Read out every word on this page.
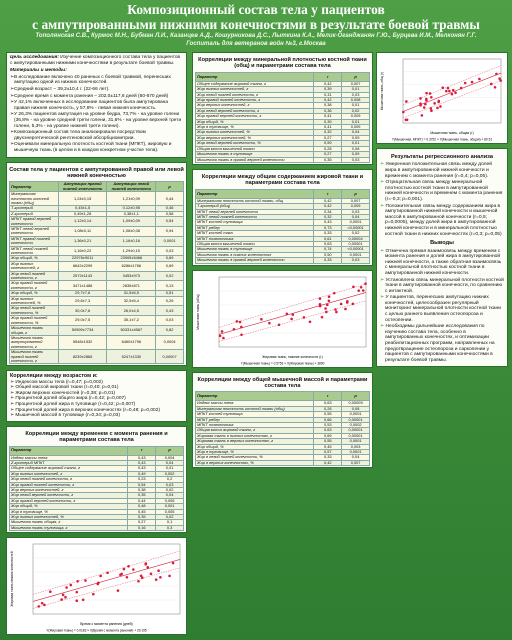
Композиционный состав тела у пациентов
с ампутированными нижними конечностями в результате боевой травмы
Тополянская С.В., Курмос М.Н., Бубман Л.И., Казанцев А.Д., Кошурникова Д.С., Лыткина К.А., Мелик-Оганджанян Г.Ю., Бурцева И.М., Мелконян Г.Г.
Госпиталь для ветеранов войн №3, г.Москва

Цель исследования: Изучение композиционного состава тела у пациентов с ампутированными нижними конечностями в результате боевой травмы.

Материалы и методы:

➢В исследование включено 40 раненых с боевой травмой, перенесших ампутацию одной из нижних конечностей.

➢Средний возраст – 39,2±10,4 г. (22-66 лет).

➢Среднее время с момента ранения – 202,0±117,6 дней (60-670 дней)

➢У 42,1% включенных в исследование пациентов была ампутирована правая нижняя конечность, у 57,8% - левая нижняя конечность.

➢У 26,3% пациентов ампутация на уровне бедра, 73,7% - на уровне голени (36,8% - на уровне средней трети голени, 31,6% - на уровне верхней трети голени, 5,3% - на уровне нижней трети голени).

➢Композиционный состав тела анализировали посредством двухэнергетической рентгеновской абсорбциометрии.

➢Оценивали минеральную плотность костной ткани (МПКТ), жировую и мышечную ткань (в целом и в каждом конкретном участке тела).

Состав тела у пациентов с ампутированной правой или левой нижней конечностью
Параметр	Ампутация правой нижней конечности	Ампутация левой нижней конечности	р
Минеральная плотность костной ткани (общ)	1,24±0,15	1,21±0,09	0,44
Т-критерий	0,45±1,5	0,12±0,95	0,46
Z-критерий	0,49±1,28	0,38±1,1	0,58
МПКТ правой верхней конечности	1,12±0,14	1,09±0,09	0,54
МПКТ левой верхней конечности	1,08±0,11	1,08±0,08	0,94
МПКТ правой нижней конечности	1,36±0,21	1,16±0,16	0,0001
МПКТ левой нижней конечности	1,16±0,22	1,29±0,15	0,03
Жир общий, %	22976±9011	23905±5466	0,69
Жир нижних конечностей, г	6642±2299	6286±1766	0,69
Жир левой нижней конечности, г	2572±1143	3453±973	0,02
Жир правой нижней конечности, г	3471±1488	2835±871	0,13
Жир общий, %	29,7±7,6	31,5±6,5	0,51
Жир нижних конечностей, %	29,6±7,3	32,5±5,4	0,26
Жир левой нижней конечности, %	30,0±7,6	26,0±4,5	0,43
Жир правой нижней конечности, %	29,0±7,5	35,1±7,2	0,03
Мышечная ткань общая, г	50909±7734	50331±4587	0,82
Мышечная ткань ампутированной конечности, г	5548±1532	6460±1796	0,0004
Мышечная ткань правой нижней конечности, г	8239±2865	5247±1330	0,00007
Корреляции между возрастом и:
➢ Индексом массы тела (r=0,47; p=0,002)
➢ Общей массой жировой ткани (r=0,40; p=0,01)
➢ Жиром верхних конечностей (r=0,38; p=0,01)
➢ Процентной долей общего жира (r=0,42; p=0,007)
➢ Процентной долей жира в туловище (r=0,42; p=0,007)
➢ Процентной долей жира в верхних конечностях (r=0,48; p=0,002)
➢ Мышечной массой в туловище (r=0,34; p=0,03)
Корреляции между временем с момента ранения и параметрами состава тела
Параметр	r	р
Индекс массы тела	0,43	0,004
Z-критерий МПКТ	0,43	0,04
Общее содержание жировой ткани, г	0,43	0,01
Жир нижних конечностей, г	0,49	0,002
Жир левой нижней конечности, г	0,23	0,2
Жир правой нижней конечности, г	0,54	0,03
Жир верхних конечностей, г	0,38	0,02
Жир левой верхней конечности, г	0,35	0,04
Жир правой верхней конечности, г	0,44	0,005
Жир общий, %	0,48	0,001
Жир в туловище, %	0,45	0,005
Жир нижних конечностей, %	0,39	0,02
Мышечная ткань общая, г	0,27	0,1
Мышечная ткань туловища, г	0,16	0,3
Жировая ткань нижних конечностей
Время с момента ранения (дней)
Y(Жировая ткань) = 0.0183 × X(Время с момента ранения) + 29.195
Корреляции между минеральной плотностью костной ткани (общ) и параметрами состава тела
Параметр	r	р
Общее содержание жировой ткани, г	0,42	0,007
Жир нижних конечностей, г	0,39	0,01
Жир левой нижней конечности, г	0,31	0,03
Жир правой нижней конечности, г	0,42	0,008
Жир верхних конечностей, г	0,38	0,01
Жир левой верхней конечности, г	0,36	0,02
Жир правой верхней конечности, г	0,41	0,009
Жир общий, %	0,39	0,01
Жир в туловище, %	0,41	0,009
Жир нижних конечностей, %	0,32	0,04
Жир верхних конечностей, %	0,27	0,09
Жир левой верхней конечности, %	0,59	0,01
Общая масса мышечной ткани	0,28	0,08
Мышечная ткань в туловище	0,27	0,09
Мышечная ткань в правой верхней конечности	0,35	0,03
Корреляции между общим содержанием жировой ткани и параметрами состава тела
Параметр	r	р
Минеральная плотность костной ткани, общ	0,42	0,007
Т-критерий (общ)	0,42	0,009
МПКТ левой верхней конечности	0,34	0,03
МПКТ левой нижней конечности	0,32	0,04
МПКТ костей туловища	0,43	0,0001
МПКТ ребер	0,73	<0,00001
МПКТ костей таза	0,33	0,02
МПКТ позвоночника	0,61	0,00004
Общая масса мышечной ткани	0,63	0,00001
Мышечная ткань в туловище	0,74	<0,00001
Мышечная ткань в нижних конечностях	0,50	0,0001
Мышечная ткань в правой верхней конечности	0,33	0,03
Мышечная ткань (общ)
Жировая ткань, нижние конечности (г)
Y(Мышечная ткань) = 0.5753 × X(Жировая ткань) + 3890
Корреляции между общей мышечной массой и параметрами состава тела
Параметр	r	р
Индекс массы тела	0,63	0,00009
Минеральная плотность костной ткани (общ)	0,28	0,08
МПКТ костей туловища	0,55	0,0001
МПКТ ребер	0,66	0,00001
МПКТ позвоночника	0,53	0,0002
Общая масса жировой ткани, г	0,63	0,00001
Жировая ткань в нижних конечностях, г	0,69	0,00001
Жировая ткань в верхних конечностях, г	0,55	0,0001
Жир общий, %	0,45	0,003
Жир в туловище, %	0,57	0,0001
Жир в левой нижней конечности, %	0,33	0,04
Жир в верхних конечностях, %	0,42	0,007
Мышечная ткань, общ (г)
Мышечная ткань, общая (г)
Y(Мышечная, МПКТ) = 0.3752 × X(Мышечная ткань, общая) + 80.51
Результаты регрессионного анализа
➢ Умеренная положительная связь между долей жира в ампутированной нижней конечности и временем с момента ранения (r=0,4; p=0,05).
➢ Отрицательная связь между минеральной плотностью костной ткани в ампутированной нижней конечности и временем с момента ранения (r=-0,3; p=0,001).
➢ Положительная связь между содержанием жира в ампутированной нижней конечности и мышечной массой в ампутированной конечности (r=0,5; p=0,0005), между долей жира в ампутированной нижней конечности и в минеральной плотностью костной ткани в нижних конечностях (r=0,3; p=0,05)
Выводы
➢ Отмечена прямая взаимосвязь между временем с момента ранения и долей жира в ампутированной нижней конечности, а также обратная взаимосвязь с минеральной плотностью костной ткани в ампутированной нижней конечности.
➢ Установлена связь минеральной плотности костной ткани в ампутированной конечности, по сравнению с интактной.
➢ У пациентов, перенесших ампутацию нижних конечностей, целесообразен регулярный мониторинг минеральной плотности костной ткани с целью раннего выявления остеопороза и остеопении.
➢ Необходимы дальнейшие исследования по изучению состава тела, особенно в ампутированных конечностях, и оптимизации реабилитационных программ, направленных на предотвращение остеопороза и саркопении у пациентов с ампутированными конечностями в результате боевой травмы.
